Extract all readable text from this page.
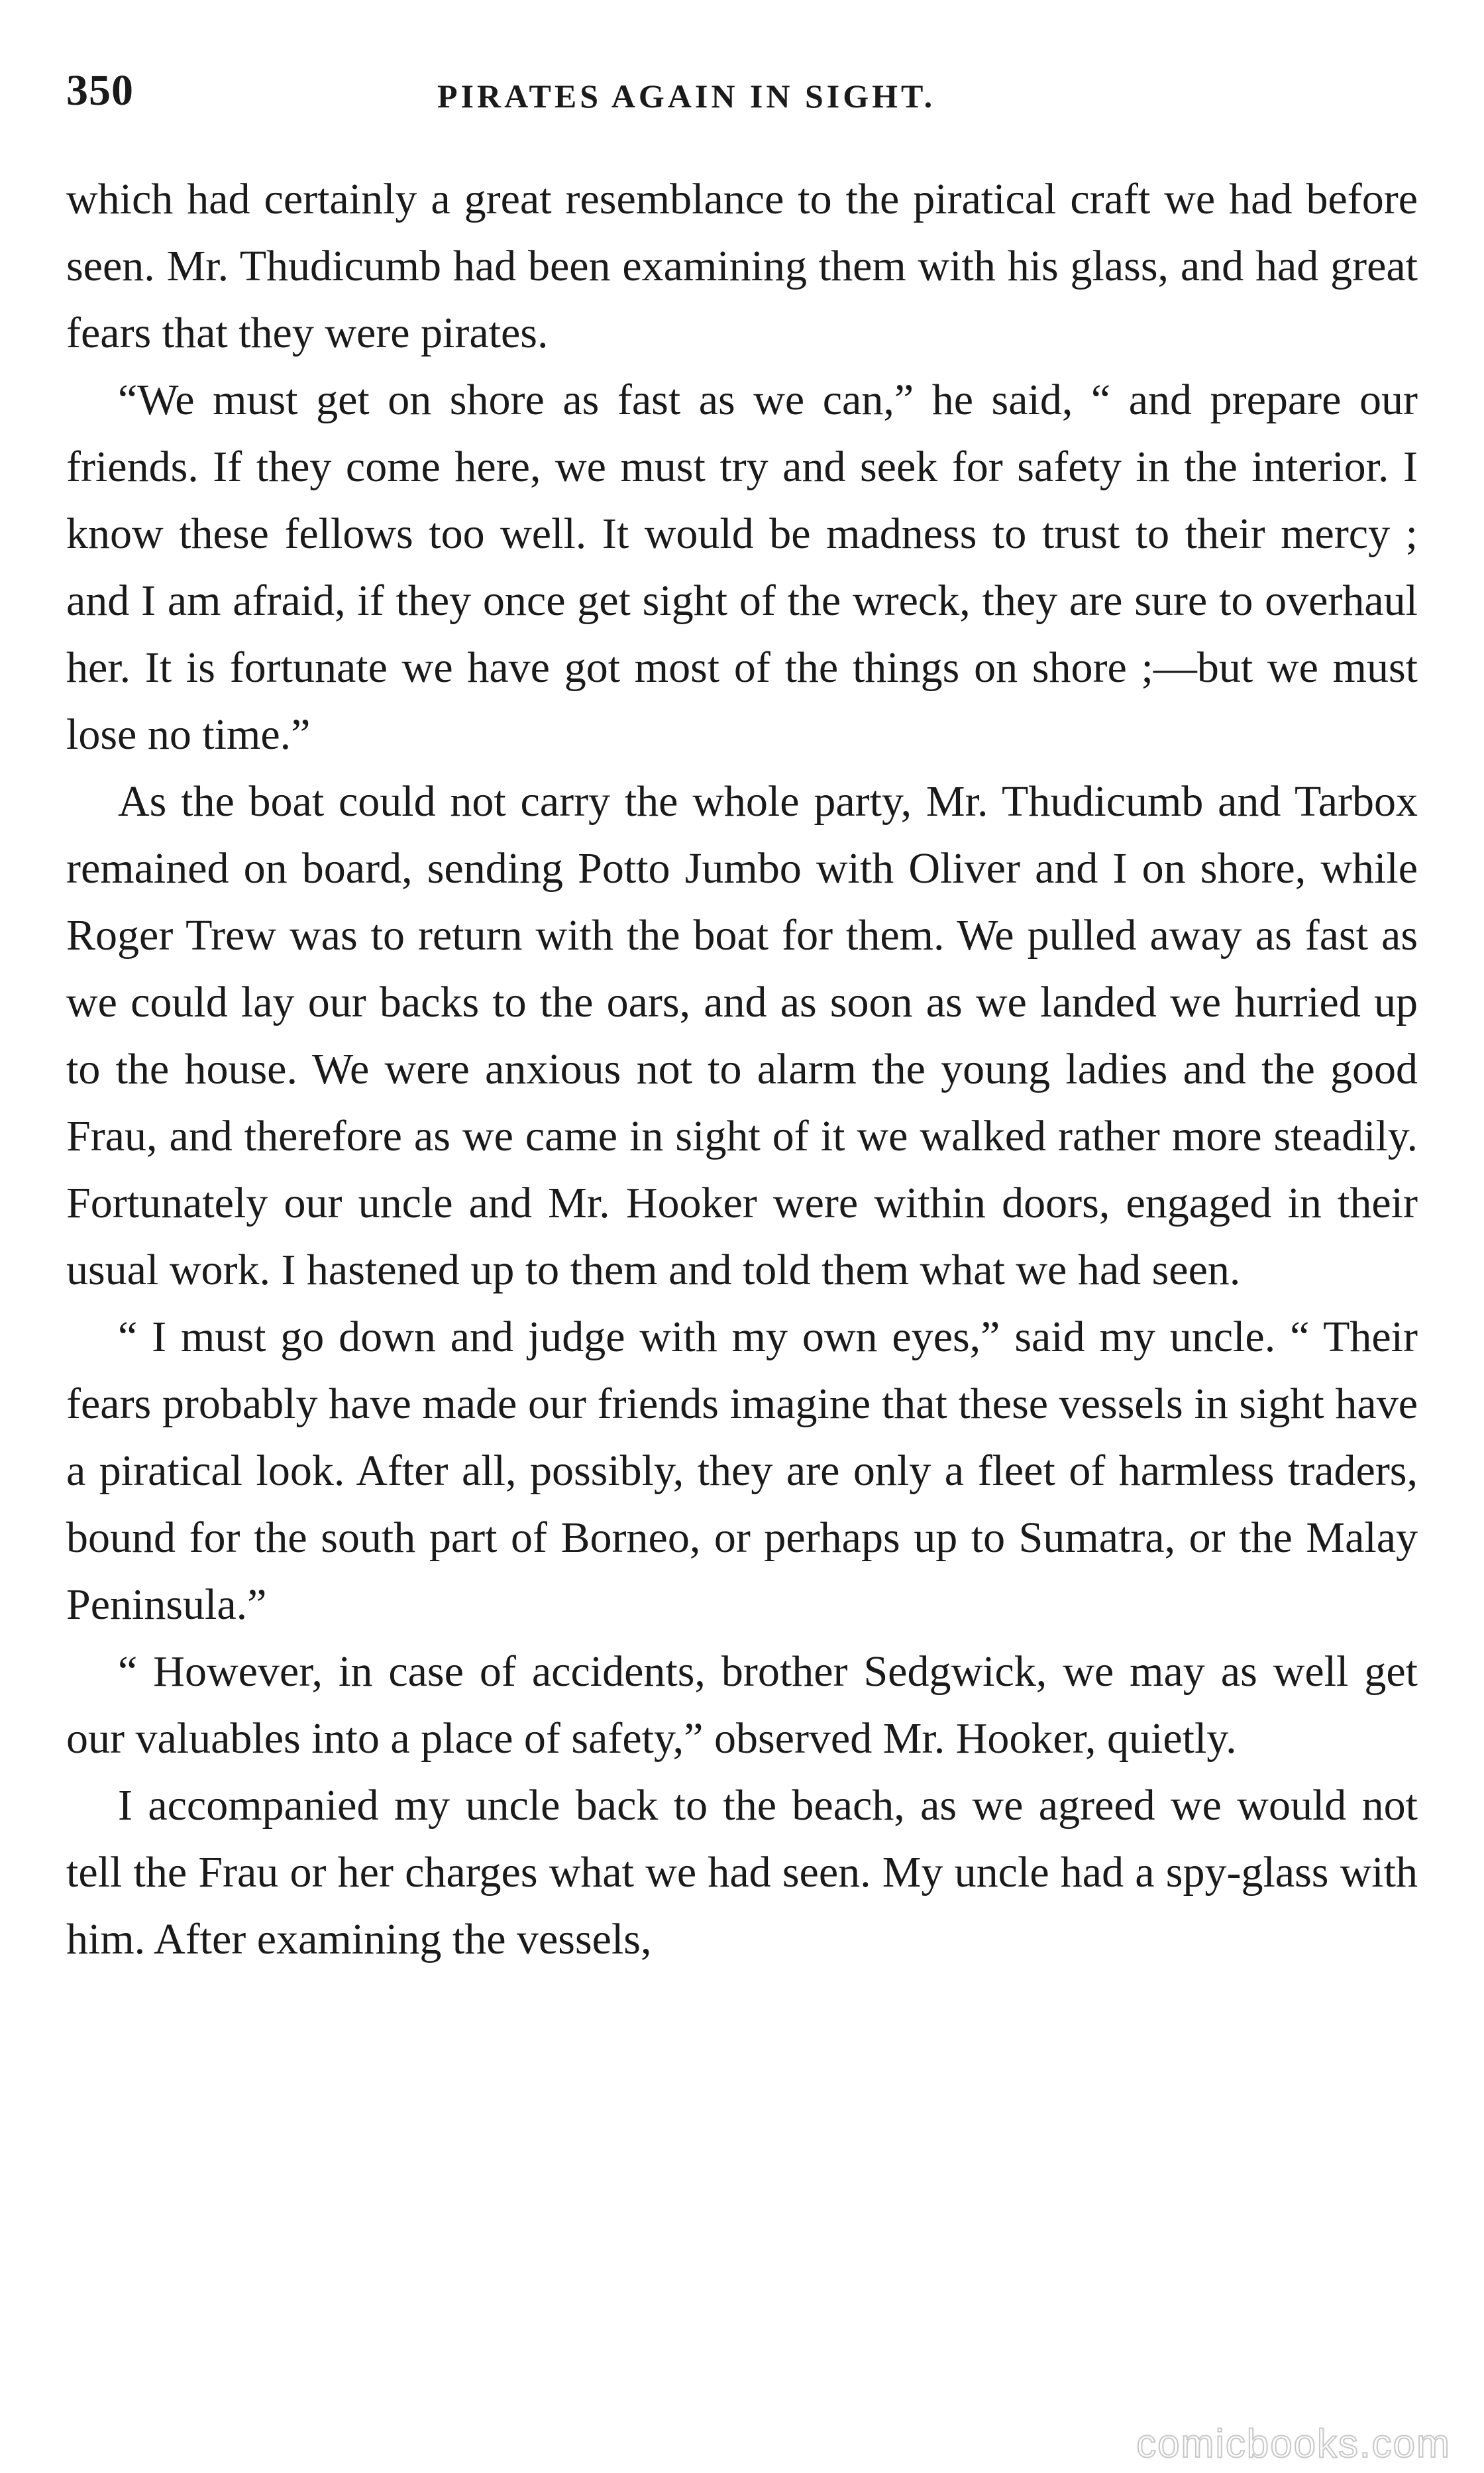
350	PIRATES AGAIN IN SIGHT.

which had certainly a great resemblance to the piratical craft we had before seen. Mr. Thudicumb had been examining them with his glass, and had great fears that they were pirates.

“We must get on shore as fast as we can,” he said, “ and prepare our friends. If they come here, we must try and seek for safety in the interior. I know these fellows too well. It would be madness to trust to their mercy ; and I am afraid, if they once get sight of the wreck, they are sure to overhaul her. It is fortunate we have got most of the things on shore ;—but we must lose no time.”

As the boat could not carry the whole party, Mr. Thudicumb and Tarbox remained on board, sending Potto Jumbo with Oliver and I on shore, while Roger Trew was to return with the boat for them. We pulled away as fast as we could lay our backs to the oars, and as soon as we landed we hurried up to the house. We were anxious not to alarm the young ladies and the good Frau, and therefore as we came in sight of it we walked rather more steadily. Fortunately our uncle and Mr. Hooker were within doors, engaged in their usual work. I hastened up to them and told them what we had seen.

“ I must go down and judge with my own eyes,” said my uncle. “ Their fears probably have made our friends imagine that these vessels in sight have a piratical look. After all, possibly, they are only a fleet of harmless traders, bound for the south part of Borneo, or perhaps up to Sumatra, or the Malay Peninsula.”

“ However, in case of accidents, brother Sedgwick, we may as well get our valuables into a place of safety,” observed Mr. Hooker, quietly.

I accompanied my uncle back to the beach, as we agreed we would not tell the Frau or her charges what we had seen. My uncle had a spy-glass with him. After examining the vessels,

comicbooks.com
